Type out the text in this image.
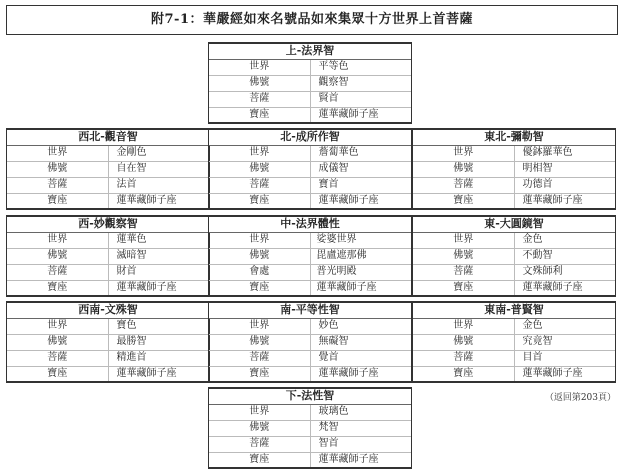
附7-1：華嚴經如來名號品如來集眾十方世界上首菩薩
上-法界智	
世界	平等色
佛號	觀察智
菩薩	賢首
寶座	蓮華藏師子座
西北-觀音智	
世界	金剛色
佛號	自在智
菩薩	法首
寶座	蓮華藏師子座
北-成所作智	
世界	薝蔔華色
佛號	成儀智
菩薩	寶首
寶座	蓮華藏師子座
東北-彌勒智	
世界	優鉢羅華色
佛號	明相智
菩薩	功德首
寶座	蓮華藏師子座
西-妙觀察智	
世界	蓮華色
佛號	滅暗智
菩薩	財首
寶座	蓮華藏師子座
中-法界體性	
世界	娑婆世界
佛號	毘盧遮那佛
會處	普光明殿
寶座	蓮華藏師子座
東-大圓鏡智	
世界	金色
佛號	不動智
菩薩	文殊師利
寶座	蓮華藏師子座
西南-文殊智	
世界	寶色
佛號	最勝智
菩薩	精進首
寶座	蓮華藏師子座
南-平等性智	
世界	妙色
佛號	無礙智
菩薩	覺首
寶座	蓮華藏師子座
東南-普賢智	
世界	金色
佛號	究竟智
菩薩	目首
寶座	蓮華藏師子座
（返回第203頁）
下-法性智	
世界	玻璃色
佛號	梵智
菩薩	智首
寶座	蓮華藏師子座
